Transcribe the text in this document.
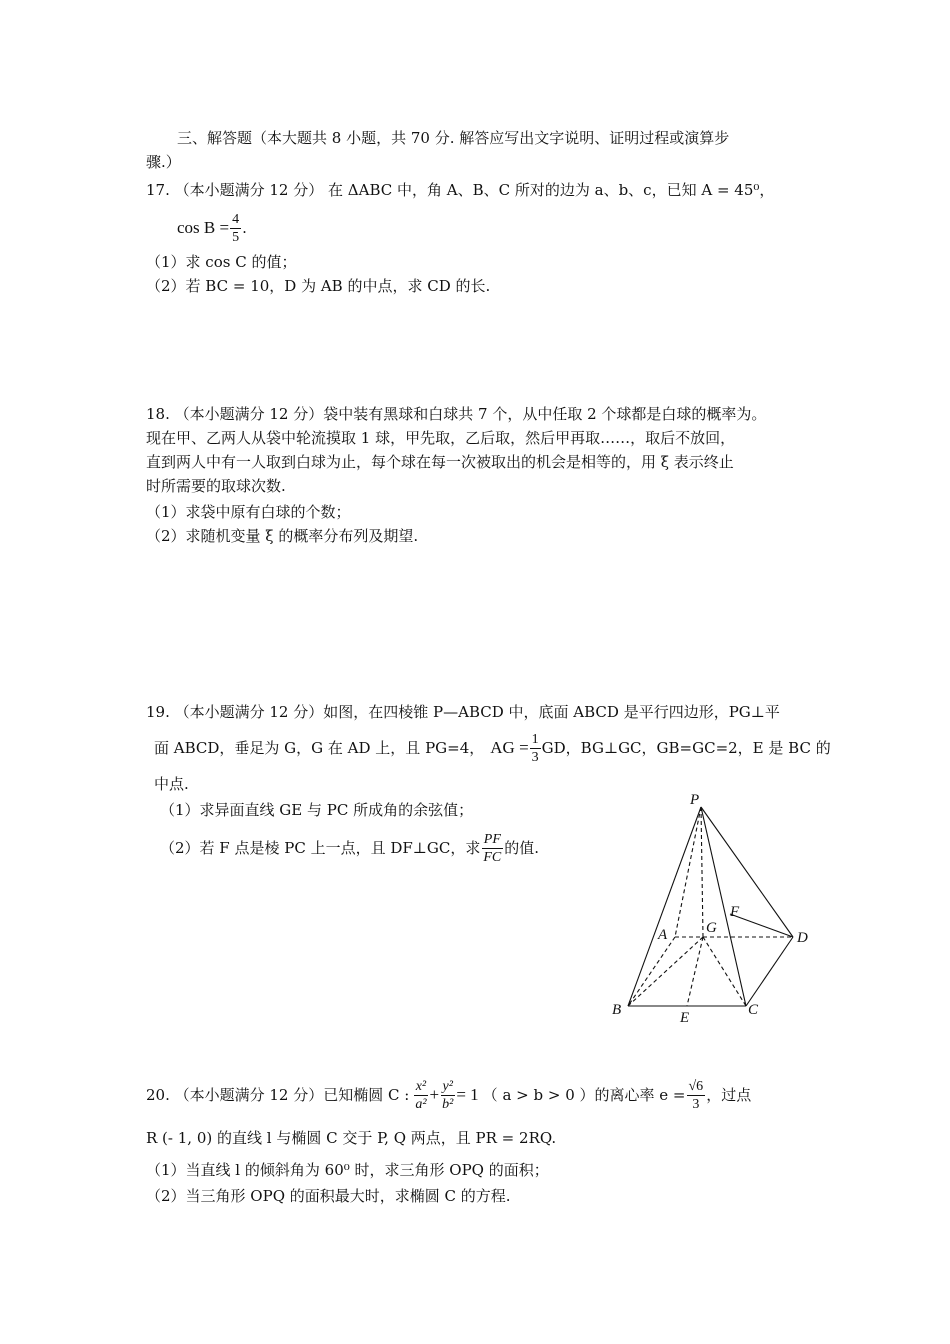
三、解答题（本大题共 8 小题，共 70 分. 解答应写出文字说明、证明过程或演算步
骤.）
17. （本小题满分 12 分） 在 ΔABC 中，角 A、B、C 所对的边为 a、b、c，已知 A = 45⁰，
$\cos B = \frac{4}{5}$ .
（1）求 cos C 的值；
（2）若 BC = 10，D 为 AB 的中点，求 CD 的长.
18. （本小题满分 12 分）袋中装有黑球和白球共 7 个，从中任取 2 个球都是白球的概率为。
现在甲、乙两人从袋中轮流摸取 1 球，甲先取，乙后取，然后甲再取……，取后不放回，
直到两人中有一人取到白球为止，每个球在每一次被取出的机会是相等的，用 ξ 表示终止
时所需要的取球次数.
（1）求袋中原有白球的个数；
（2）求随机变量 ξ 的概率分布列及期望.
19. （本小题满分 12 分）如图，在四棱锥 P—ABCD 中，底面 ABCD 是平行四边形，PG⊥平
面 ABCD，垂足为 G，G 在 AD 上，且 PG=4， AG = $\frac{1}{3}$ GD，BG⊥GC，GB=GC=2，E 是 BC 的
中点.
（1）求异面直线 GE 与 PC 所成角的余弦值；
（2）若 F 点是棱 PC 上一点，且 DF⊥GC，求 $\frac{PF}{FC}$ 的值.
P
A	G
F
D
B	E	C
20. （本小题满分 12 分）已知椭圆 C : $\frac{\text{x²}}{\text{a²}} + \frac{\text{y²}}{\text{b²}} = 1$ （ a > b > 0 ）的离心率 $e = \frac{√6}{3}$ ，过点
R (- 1, 0) 的直线 l 与椭圆 C 交于 P, Q 两点，且 PR = 2RQ.
（1）当直线 l 的倾斜角为 60⁰ 时，求三角形 OPQ 的面积；
（2）当三角形 OPQ 的面积最大时，求椭圆 C 的方程.
